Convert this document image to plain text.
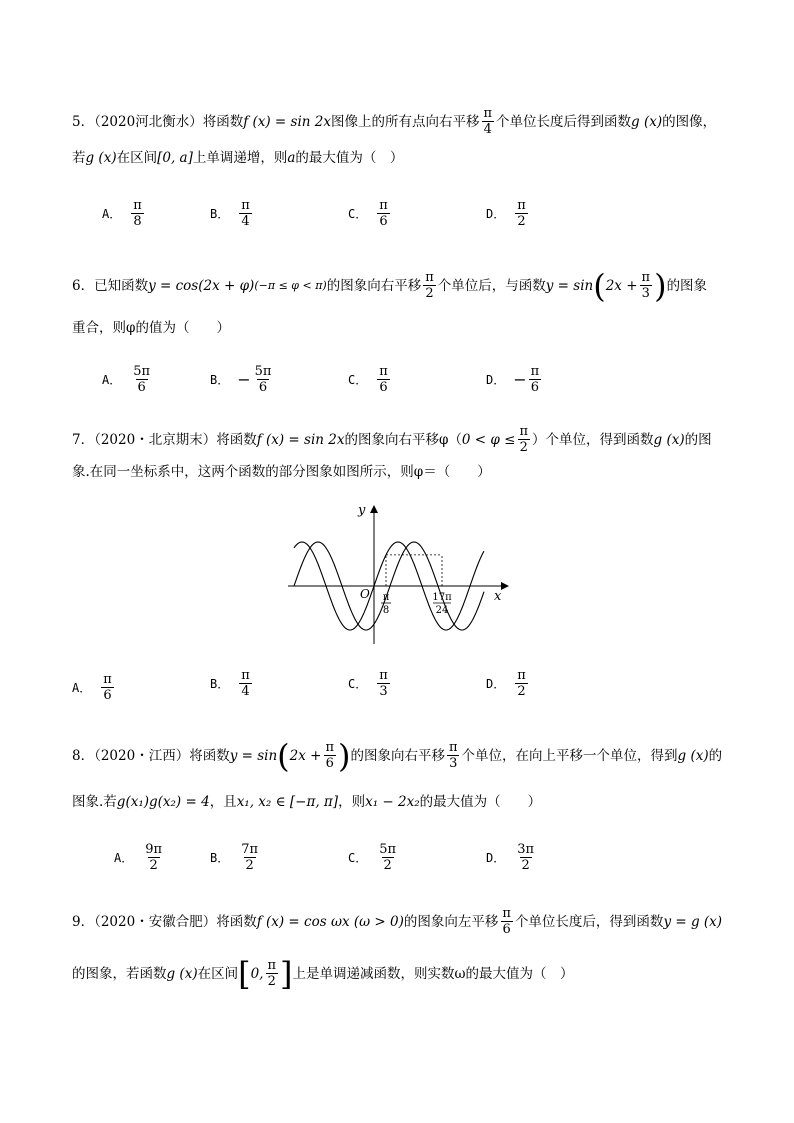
5．（2020河北衡水）将函数 f (x) = sin 2x 图像上的所有点向右平移 $\frac{\pi}{4}$ 个单位长度后得到函数 g (x) 的图像，
若 g (x) 在区间 [0, a] 上单调递增，则 a 的最大值为（　）
A． $\frac{\pi}{8}$	B． $\frac{\pi}{4}$	C． $\frac{\pi}{6}$	D． $\frac{\pi}{2}$
6．已知函数 y = cos(2x + φ) (−π ≤ φ < π) 的图象向右平移 $\frac{\pi}{2}$ 个单位后，与函数 y = sin ( $2x + \frac{\pi}{3}$ ) 的图象
重合，则φ的值为（　　）
A． $\frac{5\pi}{6}$	B． − $\frac{5\pi}{6}$	C． $\frac{\pi}{6}$	D． − $\frac{\pi}{6}$
7．（2020・北京期末）将函数 f (x) = sin 2x 的图象向右平移φ（ $0 < \varphi \le \frac{\pi}{2}$ ）个单位，得到函数 g (x) 的图
象.在同一坐标系中，这两个函数的部分图象如图所示，则φ＝（　　）
y
x
O π
8
17π
24
A． $\frac{\pi}{6}$	B． $\frac{\pi}{4}$	C． $\frac{\pi}{3}$	D． $\frac{\pi}{2}$
8．（2020・江西）将函数 y = sin ( $2x + \frac{\pi}{6}$ ) 的图象向右平移 $\frac{\pi}{3}$ 个单位，在向上平移一个单位，得到 g (x) 的
图象.若 g(x₁)g(x₂) = 4 ，且 x₁, x₂ ∈ [−π, π] ，则 x₁ − 2x₂ 的最大值为（　　）
A． $\frac{9\pi}{2}$	B． $\frac{7\pi}{2}$	C． $\frac{5\pi}{2}$	D． $\frac{3\pi}{2}$
9．（2020・安徽合肥）将函数 f (x) = cos ωx (ω > 0) 的图象向左平移 $\frac{\pi}{6}$ 个单位长度后，得到函数 y = g (x)
的图象，若函数 g (x) 在区间 [ 0, $\frac{\pi}{2}$ ] 上是单调递减函数，则实数ω的最大值为（　）
